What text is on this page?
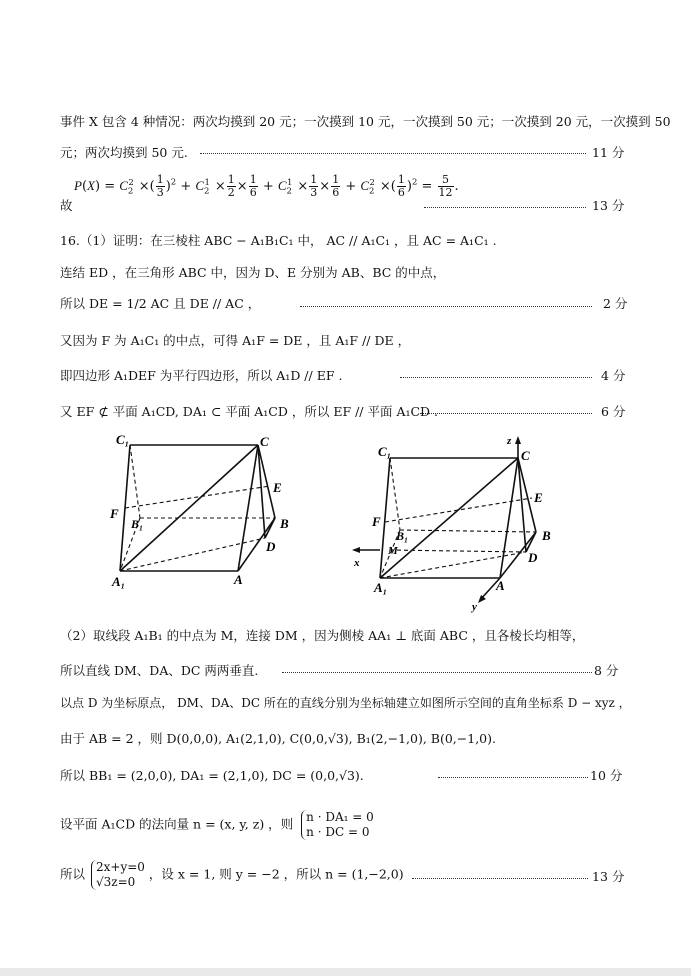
事件 X 包含 4 种情况：两次均摸到 20 元；一次摸到 10 元，一次摸到 50 元；一次摸到 20 元，一次摸到 50
元；两次均摸到 50 元.	11 分
故
$P(X) = C_2^2$ ×( $\frac{1}{3} )^2 + C_2^1 \times \frac{1}{2} \times \frac{1}{6} + C_2^1 \times \frac{1}{3} \times \frac{1}{6} + C_2^2$ ×( $\frac{1}{6} )^2 = \frac{5}{12}$ .
13 分
16.（1）证明：在三棱柱 ABC − A₁B₁C₁ 中， AC // A₁C₁ ，且 AC = A₁C₁ .
连结 ED ，在三角形 ABC 中，因为 D、E 分别为 AB、BC 的中点，
所以 DE = 1/2 AC 且 DE // AC ，	2 分
又因为 F 为 A₁C₁ 的中点，可得 A₁F = DE ，且 A₁F // DE ，
即四边形 A₁DEF 为平行四边形，所以 A₁D // EF .	4 分
又 EF ⊄ 平面 A₁CD, DA₁ ⊂ 平面 A₁CD ，所以 EF // 平面 A₁CD .	6 分
C₁	C
E
F
B₁	B
D
A₁	A
C₁	C
z
E
F
B₁	B
M	D
x
A₁	A
y
（2）取线段 A₁B₁ 的中点为 M，连接 DM ，因为侧棱 AA₁ ⊥ 底面 ABC ，且各棱长均相等，
所以直线 DM、DA、DC 两两垂直.	8 分
以点 D 为坐标原点， DM、DA、DC 所在的直线分别为坐标轴建立如图所示空间的直角坐标系 D − xyz ，
由于 AB = 2 ，则 D(0,0,0), A₁(2,1,0), C(0,0,√3), B₁(2,−1,0), B(0,−1,0).
所以 BB₁ = (2,0,0), DA₁ = (2,1,0), DC = (0,0,√3).	10 分
设平面 A₁CD 的法向量 n = (x, y, z) ，则 n · DA₁ = 0
n · DC = 0
所以 2x+y=0
√3z=0
，设 x = 1, 则 y = −2 ，所以 n = (1,−2,0)	13 分
